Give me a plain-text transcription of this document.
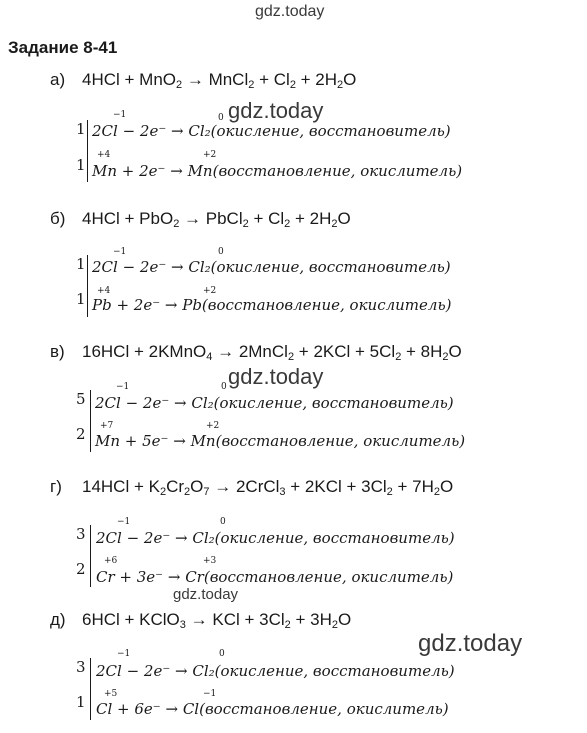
gdz.today
Задание 8-41
а) 4HCl + MnO$_2$ → MnCl$_2$ + $Cl_2 + 2H_2O$
−1	0
1 2Cl − 2e⁻ → Cl₂(окисление, восстановитель)
+4	+2
1 Mn + 2e⁻ → Mn(восстановление, окислитель)
gdz.today
б) 4HCl + PbO$_2$ → PbCl$_2$ + $Cl_2 + 2H_2O$
−1	0
1 2Cl − 2e⁻ → Cl₂(окисление, восстановитель)
+4	+2
1 Pb + 2e⁻ → Pb(восстановление, окислитель)
в) 16HCl + 2KMnO$_4$ → 2MnCl$_2$ + $2KCl + 5Cl_2 + 8H_2O$
−1	0
5 2Cl − 2e⁻ → Cl₂(окисление, восстановитель)
+7	+2
2 Mn + 5e⁻ → Mn(восстановление, окислитель)
gdz.today
г) $14HCl + K_2Cr_2O_7$ → 2CrCl$_3$ + $2KCl + 3Cl_2 + 7H_2O$
−1	0
3 2Cl − 2e⁻ → Cl₂(окисление, восстановитель)
+6	+3
2 Cr + 3e⁻ → Cr(восстановление, окислитель)
gdz.today
д) 6HCl + KClO$_3$ → KCl + $3Cl_2 + 3H_2O$
−1	0
3 2Cl − 2e⁻ → Cl₂(окисление, восстановитель)
+5	−1
1 Cl + 6e⁻ → Cl(восстановление, окислитель)
gdz.today
